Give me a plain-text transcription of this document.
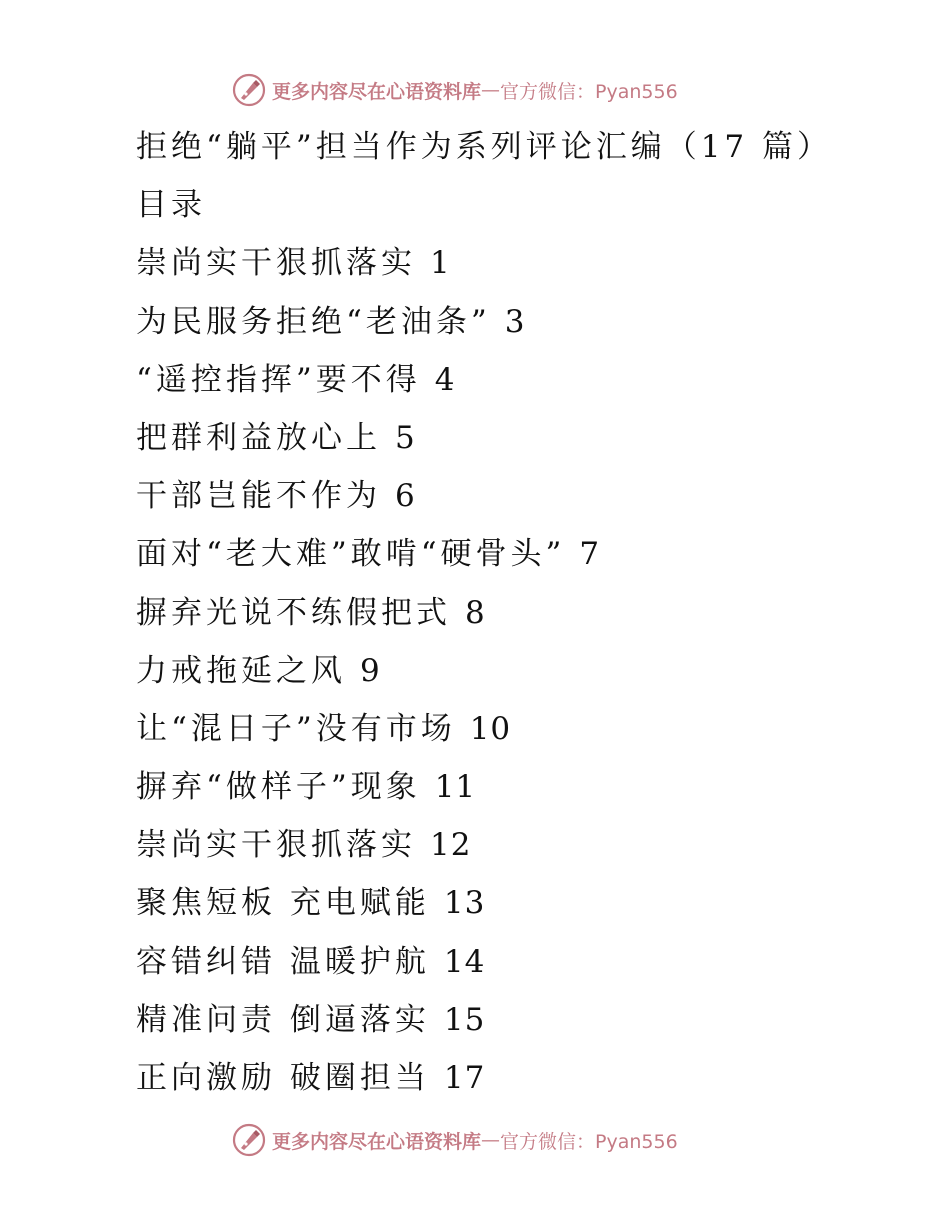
更多内容尽在心语资料库 — 官方微信：Pyan556
拒绝“躺平”担当作为系列评论汇编（17 篇）
目录
崇尚实干狠抓落实 1
为民服务拒绝“老油条” 3
“遥控指挥”要不得 4
把群利益放心上 5
干部岂能不作为 6
面对“老大难”敢啃“硬骨头” 7
摒弃光说不练假把式 8
力戒拖延之风 9
让“混日子”没有市场 10
摒弃“做样子”现象 11
崇尚实干狠抓落实 12
聚焦短板 充电赋能 13
容错纠错 温暖护航 14
精准问责 倒逼落实 15
正向激励 破圈担当 17
更多内容尽在心语资料库 — 官方微信：Pyan556
